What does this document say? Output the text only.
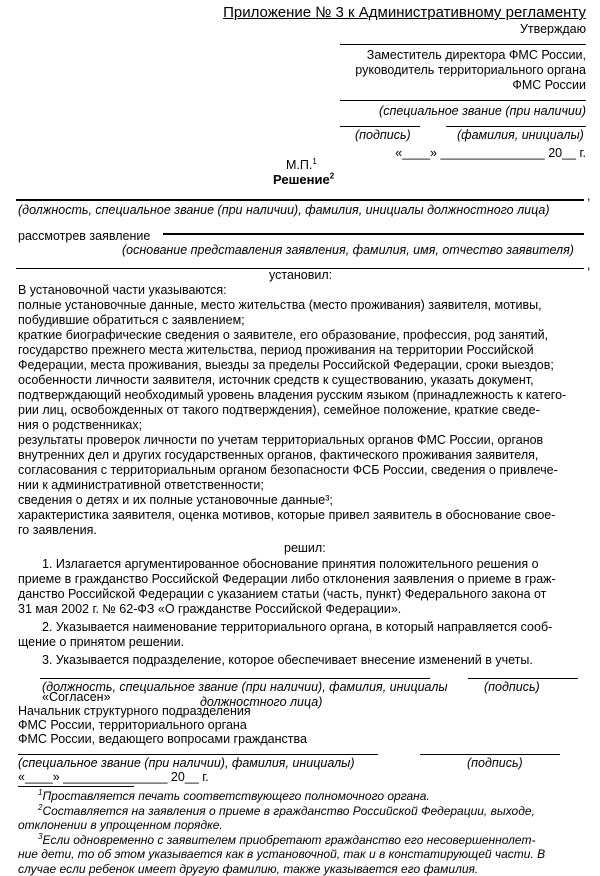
Приложение № 3 к Административному регламенту
Утверждаю
Заместитель директора ФМС России,
руководитель территориального органа
ФМС России
(специальное звание (при наличии)
(подпись)	(фамилия, инициалы)
«____» _______________ 20__ г.
М.П.$^1$
Решение$^2$
,
(должность, специальное звание (при наличии), фамилия, инициалы должностного лица)
рассмотрев заявление
(основание представления заявления, фамилия, имя, отчество заявителя)
,
установил:
В установочной части указываются:
полные установочные данные, место жительства (место проживания) заявителя, мотивы,
побудившие обратиться с заявлением;
краткие биографические сведения о заявителе, его образование, профессия, род занятий,
государство прежнего места жительства, период проживания на территории Российской
Федерации, места проживания, выезды за пределы Российской Федерации, сроки выездов;
особенности личности заявителя, источник средств к существованию, указать документ,
подтверждающий необходимый уровень владения русским языком (принадлежность к катего-
рии лиц, освобожденных от такого подтверждения), семейное положение, краткие сведе-
ния о родственниках;
результаты проверок личности по учетам территориальных органов ФМС России, органов
внутренних дел и других государственных органов, фактического проживания заявителя,
согласования с территориальным органом безопасности ФСБ России, сведения о привлече-
нии к административной ответственности;
сведения о детях и их полные установочные данные³;
характеристика заявителя, оценка мотивов, которые привел заявитель в обоснование свое-
го заявления.
решил:
1. Излагается аргументированное обоснование принятия положительного решения о
приеме в гражданство Российской Федерации либо отклонения заявления о приеме в граж-
данство Российской Федерации с указанием статьи (часть, пункт) Федерального закона от
31 мая 2002 г. № 62-ФЗ «О гражданстве Российской Федерации».
2. Указывается наименование территориального органа, в который направляется сооб-
щение о принятом решении.
3. Указывается подразделение, которое обеспечивает внесение изменений в учеты.
(должность, специальное звание (при наличии), фамилия, инициалы	(подпись)
должностного лица)
«Согласен»
Начальник структурного подразделения
ФМС России, территориального органа
ФМС России, ведающего вопросами гражданства
(специальное звание (при наличии), фамилия, инициалы)	(подпись)
«____» _______________ 20__ г.
$^1$Проставляется печать соответствующего полномочного органа.
$^2$Составляется на заявления о приеме в гражданство Российской Федерации, выходе,
отклонении в упрощенном порядке.
$^3$Если одновременно с заявителем приобретают гражданство его несовершеннолет-
ние дети, то об этом указывается как в установочной, так и в констатирующей части. В
случае если ребенок имеет другую фамилию, также указывается его фамилия.
